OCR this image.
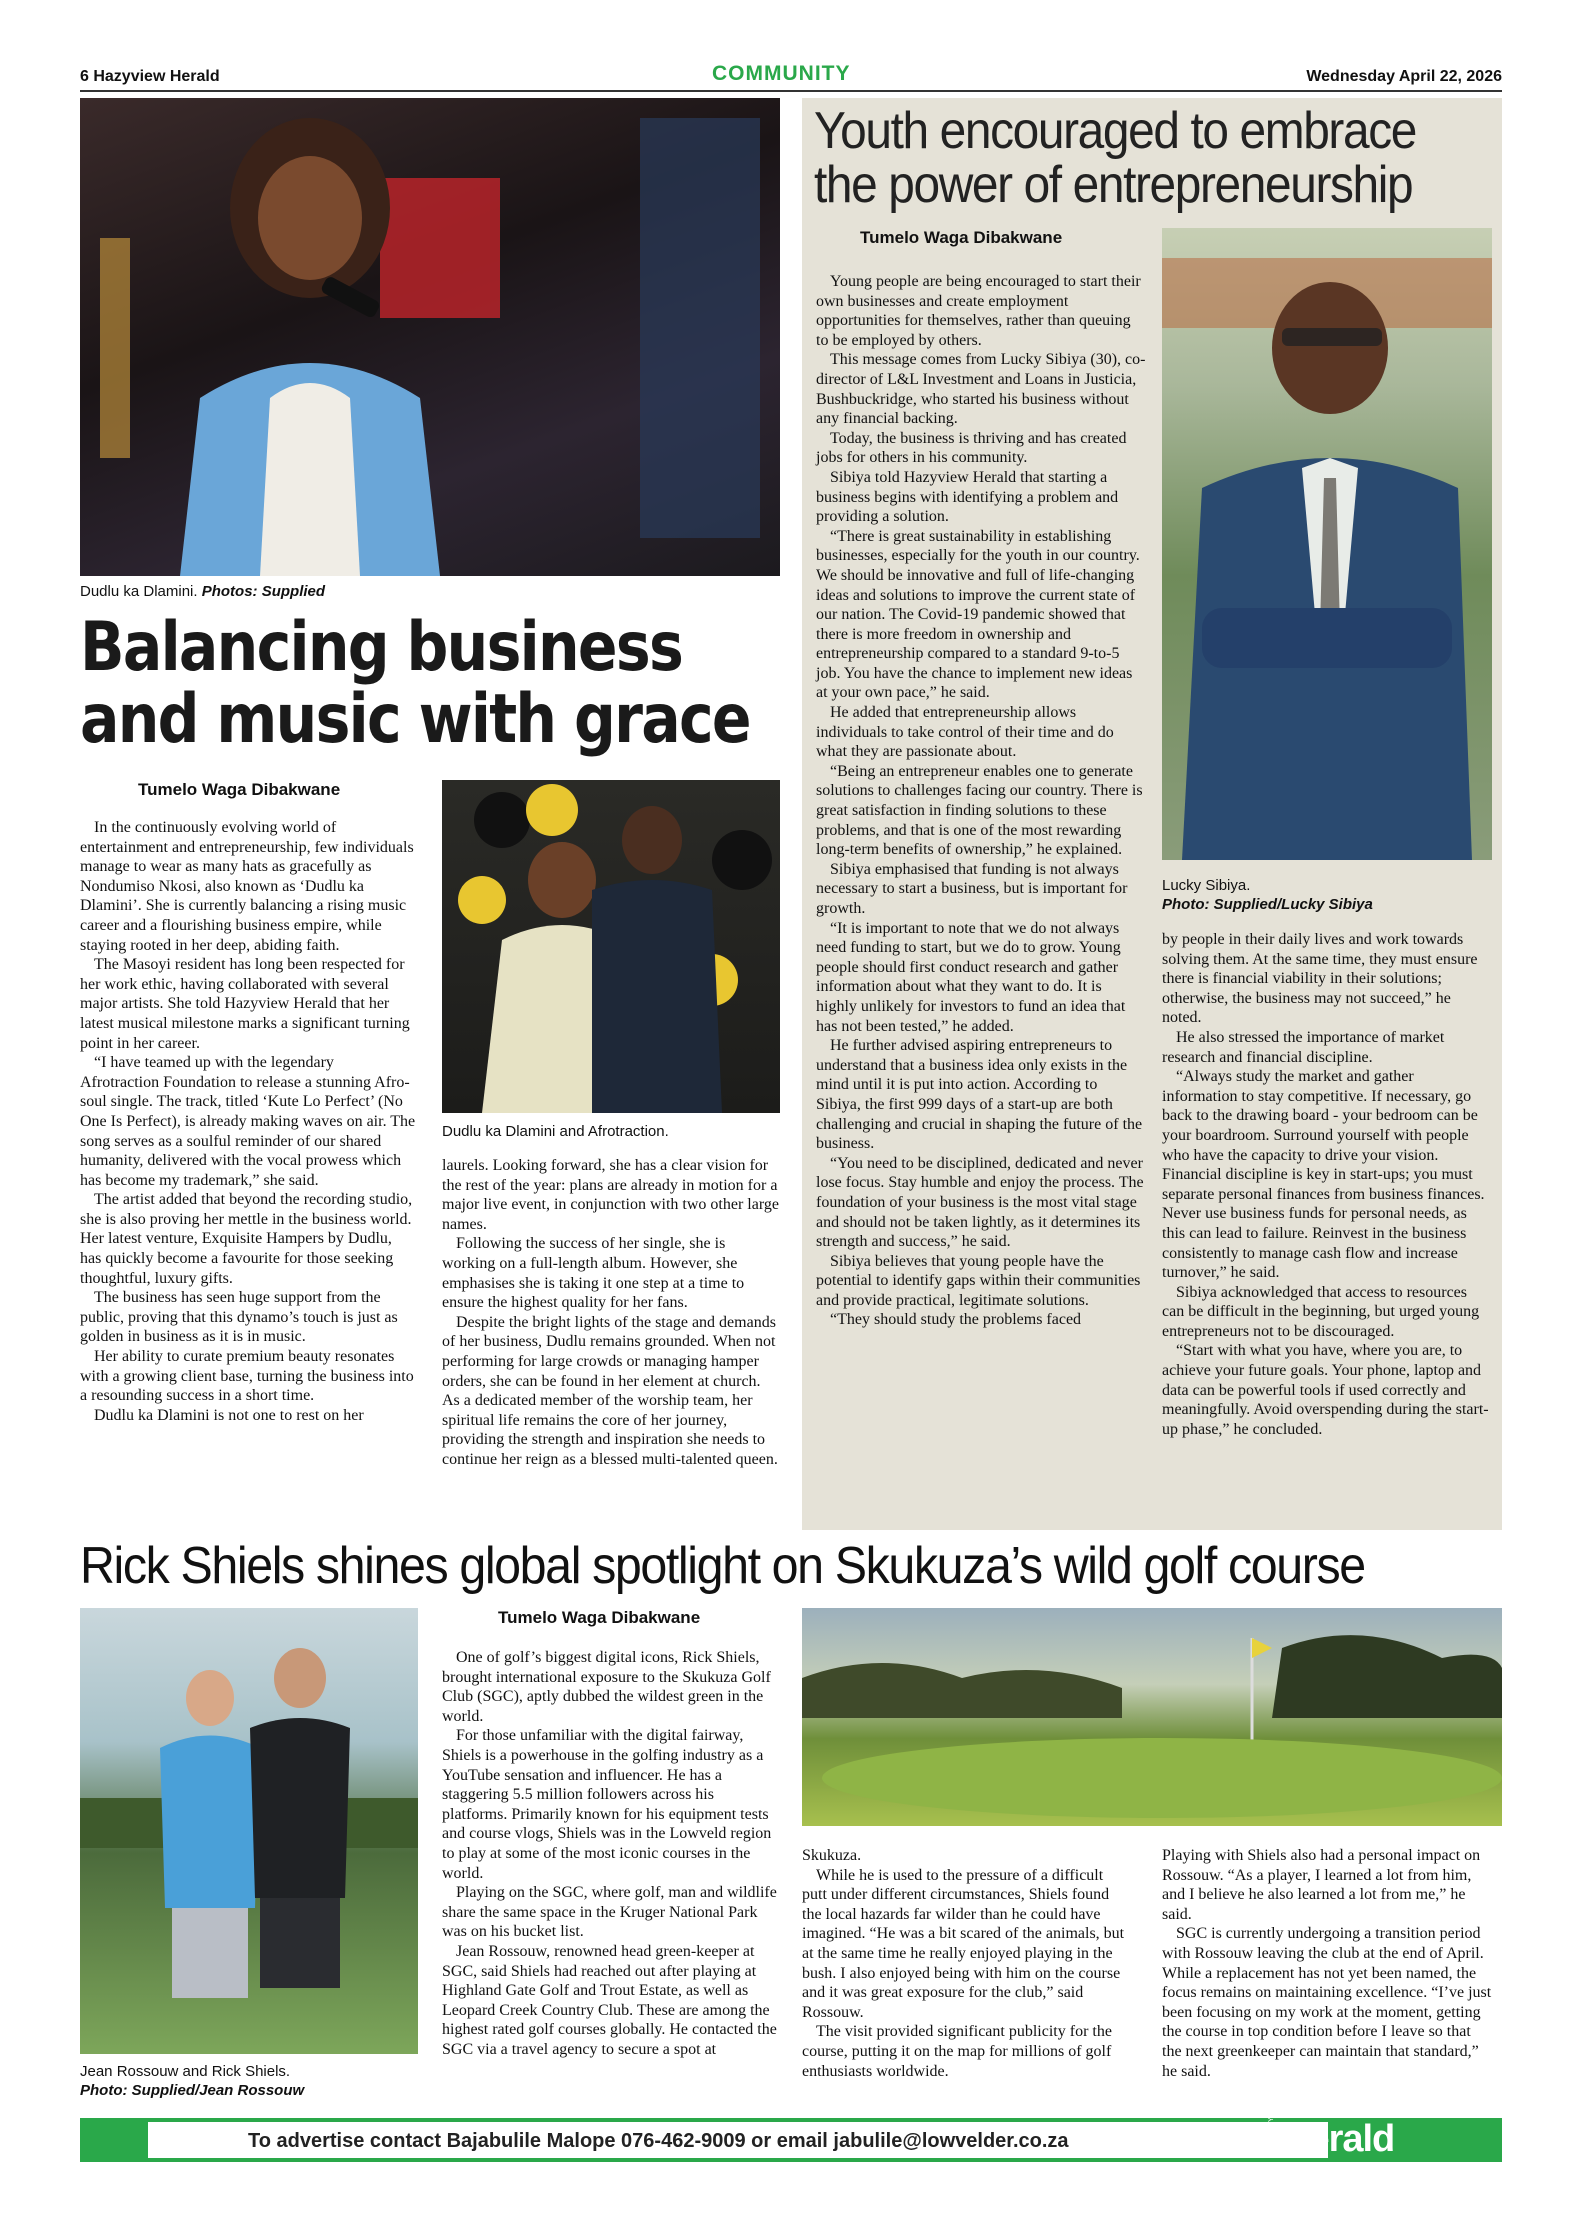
6 Hazyview Herald	COMMUNITY	Wednesday April 22, 2026
Dudlu ka Dlamini. Photos: Supplied
Balancing business
and music with grace
Tumelo Waga Dibakwane
Dudlu ka Dlamini and Afrotraction.

In the continuously evolving world of entertainment and entrepreneurship, few individuals manage to wear as many hats as gracefully as Nondumiso Nkosi, also known as ‘Dudlu ka Dlamini’. She is currently balancing a rising music career and a flourishing business empire, while staying rooted in her deep, abiding faith.

The Masoyi resident has long been respected for her work ethic, having collaborated with several major artists. She told Hazyview Herald that her latest musical milestone marks a significant turning point in her career.

“I have teamed up with the legendary Afrotraction Foundation to release a stunning Afro-soul single. The track, titled ‘Kute Lo Perfect’ (No One Is Perfect), is already making waves on air. The song serves as a soulful reminder of our shared humanity, delivered with the vocal prowess which has become my trademark,” she said.

The artist added that beyond the recording studio, she is also proving her mettle in the business world. Her latest venture, Exquisite Hampers by Dudlu, has quickly become a favourite for those seeking thoughtful, luxury gifts.

The business has seen huge support from the public, proving that this dynamo’s touch is just as golden in business as it is in music.

Her ability to curate premium beauty resonates with a growing client base, turning the business into a resounding success in a short time.

Dudlu ka Dlamini is not one to rest on her

laurels. Looking forward, she has a clear vision for the rest of the year: plans are already in motion for a major live event, in conjunction with two other large names.

Following the success of her single, she is working on a full-length album. However, she emphasises she is taking it one step at a time to ensure the highest quality for her fans.

Despite the bright lights of the stage and demands of her business, Dudlu remains grounded. When not performing for large crowds or managing hamper orders, she can be found in her element at church. As a dedicated member of the worship team, her spiritual life remains the core of her journey, providing the strength and inspiration she needs to continue her reign as a blessed multi-talented queen.

Youth encouraged to embrace
the power of entrepreneurship
Tumelo Waga Dibakwane
Lucky Sibiya.
Photo: Supplied/Lucky Sibiya

Young people are being encouraged to start their own businesses and create employment opportunities for themselves, rather than queuing to be employed by others.

This message comes from Lucky Sibiya (30), co-director of L&L Investment and Loans in Justicia, Bushbuckridge, who started his business without any financial backing.

Today, the business is thriving and has created jobs for others in his community.

Sibiya told Hazyview Herald that starting a business begins with identifying a problem and providing a solution.

“There is great sustainability in establishing businesses, especially for the youth in our country. We should be innovative and full of life-changing ideas and solutions to improve the current state of our nation. The Covid-19 pandemic showed that there is more freedom in ownership and entrepreneurship compared to a standard 9-to-5 job. You have the chance to implement new ideas at your own pace,” he said.

He added that entrepreneurship allows individuals to take control of their time and do what they are passionate about.

“Being an entrepreneur enables one to generate solutions to challenges facing our country. There is great satisfaction in finding solutions to these problems, and that is one of the most rewarding long-term benefits of ownership,” he explained.

Sibiya emphasised that funding is not always necessary to start a business, but is important for growth.

“It is important to note that we do not always need funding to start, but we do to grow. Young people should first conduct research and gather information about what they want to do. It is highly unlikely for investors to fund an idea that has not been tested,” he added.

He further advised aspiring entrepreneurs to understand that a business idea only exists in the mind until it is put into action. According to Sibiya, the first 999 days of a start-up are both challenging and crucial in shaping the future of the business.

“You need to be disciplined, dedicated and never lose focus. Stay humble and enjoy the process. The foundation of your business is the most vital stage and should not be taken lightly, as it determines its strength and success,” he said.

Sibiya believes that young people have the potential to identify gaps within their communities and provide practical, legitimate solutions.

“They should study the problems faced

by people in their daily lives and work towards solving them. At the same time, they must ensure there is financial viability in their solutions; otherwise, the business may not succeed,” he noted.

He also stressed the importance of market research and financial discipline.

“Always study the market and gather information to stay competitive. If necessary, go back to the drawing board - your bedroom can be your boardroom. Surround yourself with people who have the capacity to drive your vision. Financial discipline is key in start-ups; you must separate personal finances from business finances. Never use business funds for personal needs, as this can lead to failure. Reinvest in the business consistently to manage cash flow and increase turnover,” he said.

Sibiya acknowledged that access to resources can be difficult in the beginning, but urged young entrepreneurs not to be discouraged.

“Start with what you have, where you are, to achieve your future goals. Your phone, laptop and data can be powerful tools if used correctly and meaningfully. Avoid overspending during the start-up phase,” he concluded.

Rick Shiels shines global spotlight on Skukuza’s wild golf course
Jean Rossouw and Rick Shiels.
Photo: Supplied/Jean Rossouw
Tumelo Waga Dibakwane

One of golf’s biggest digital icons, Rick Shiels, brought international exposure to the Skukuza Golf Club (SGC), aptly dubbed the wildest green in the world.

For those unfamiliar with the digital fairway, Shiels is a powerhouse in the golfing industry as a YouTube sensation and influencer. He has a staggering 5.5 million followers across his platforms. Primarily known for his equipment tests and course vlogs, Shiels was in the Lowveld region to play at some of the most iconic courses in the world.

Playing on the SGC, where golf, man and wildlife share the same space in the Kruger National Park was on his bucket list.

Jean Rossouw, renowned head green-keeper at SGC, said Shiels had reached out after playing at Highland Gate Golf and Trout Estate, as well as Leopard Creek Country Club. These are among the highest rated golf courses globally. He contacted the SGC via a travel agency to secure a spot at

Skukuza.

While he is used to the pressure of a difficult putt under different circumstances, Shiels found the local hazards far wilder than he could have imagined. “He was a bit scared of the animals, but at the same time he really enjoyed playing in the bush. I also enjoyed being with him on the course and it was great exposure for the club,” said Rossouw.

The visit provided significant publicity for the course, putting it on the map for millions of golf enthusiasts worldwide.

Playing with Shiels also had a personal impact on Rossouw. “As a player, I learned a lot from him, and I believe he also learned a lot from me,” he said.

SGC is currently undergoing a transition period with Rossouw leaving the club at the end of April. While a replacement has not yet been named, the focus remains on maintaining excellence. “I’ve just been focusing on my work at the moment, getting the course in top condition before I leave so that the next greenkeeper can maintain that standard,” he said.

To advertise contact Bajabulile Malope 076-462-9009 or email jabulile@lowvelder.co.za
HAZYVIEW
Herald
